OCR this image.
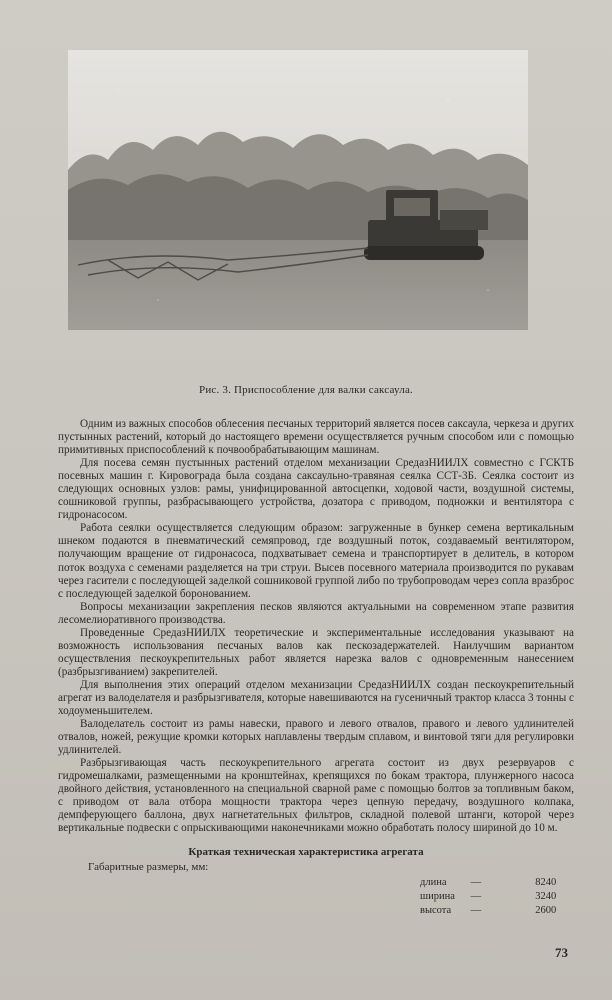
Рис. 3. Приспособление для валки саксаула.

Одним из важных способов облесения песчаных территорий является посев саксаула, черкеза и других пустынных растений, который до настоящего времени осуществляется ручным способом или с помощью примитивных приспособлений к почвообрабатывающим машинам.

Для посева семян пустынных растений отделом механизации СредазНИИЛХ совместно с ГСКТБ посевных машин г. Кировограда была создана саксаульно-травяная сеялка ССТ-3Б. Сеялка состоит из следующих основных узлов: рамы, унифицированной автосцепки, ходовой части, воздушной системы, сошниковой группы, разбрасывающего устройства, дозатора с приводом, подножки и вентилятора с гидронасосом.

Работа сеялки осуществляется следующим образом: загруженные в бункер семена вертикальным шнеком подаются в пневматический семяпровод, где воздушный поток, создаваемый вентилятором, получающим вращение от гидронасоса, подхватывает семена и транспортирует в делитель, в котором поток воздуха с семенами разделяется на три струи. Высев посевного материала производится по рукавам через гасители с последующей заделкой сошниковой группой либо по трубопроводам через сопла вразброс с последующей заделкой боронованием.

Вопросы механизации закрепления песков являются актуальными на современном этапе развития лесомелиоративного производства.

Проведенные СредазНИИЛХ теоретические и экспериментальные исследования указывают на возможность использования песчаных валов как пескозадержателей. Наилучшим вариантом осуществления пескоукрепительных работ является нарезка валов с одновременным нанесением (разбрызгиванием) закрепителей.

Для выполнения этих операций отделом механизации СредазНИИЛХ создан пескоукрепительный агрегат из валоделателя и разбрызгивателя, которые навешиваются на гусеничный трактор класса 3 тонны с ходоуменьшителем.

Валоделатель состоит из рамы навески, правого и левого отвалов, правого и левого удлинителей отвалов, ножей, режущие кромки которых наплавлены твердым сплавом, и винтовой тяги для регулировки удлинителей.

Разбрызгивающая часть пескоукрепительного агрегата состоит из двух резервуаров с гидромешалками, размещенными на кронштейнах, крепящихся по бокам трактора, плунжерного насоса двойного действия, установленного на специальной сварной раме с помощью болтов за топливным баком, с приводом от вала отбора мощности трактора через цепную передачу, воздушного колпака, демпферующего баллона, двух нагнетательных фильтров, складной полевой штанги, которой через вертикальные подвески с опрыскивающими наконечниками можно обработать полосу шириной до 10 м.

Краткая техническая характеристика агрегата
Габаритные размеры, мм:
длина —	8240
ширина —	3240
высота —	2600
73
